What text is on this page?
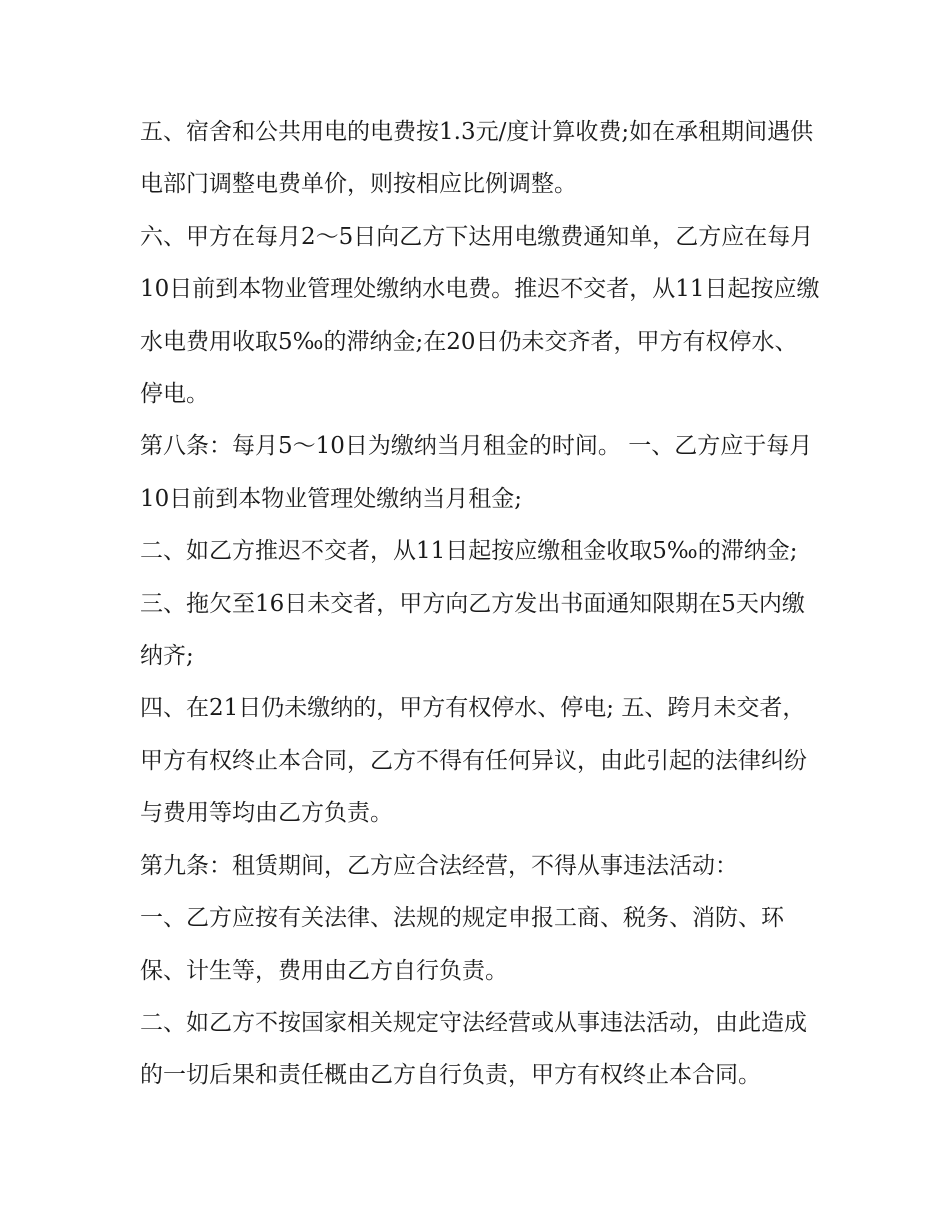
五、宿舍和公共用电的电费按1.3元/度计算收费;如在承租期间遇供电部门调整电费单价，则按相应比例调整。

六、甲方在每月2～5日向乙方下达用电缴费通知单，乙方应在每月10日前到本物业管理处缴纳水电费。推迟不交者，从11日起按应缴水电费用收取5‰的滞纳金;在20日仍未交齐者，甲方有权停水、停电。

第八条：每月5～10日为缴纳当月租金的时间。 一、乙方应于每月10日前到本物业管理处缴纳当月租金;

二、如乙方推迟不交者，从11日起按应缴租金收取5‰的滞纳金; 三、拖欠至16日未交者，甲方向乙方发出书面通知限期在5天内缴纳齐;

四、在21日仍未缴纳的，甲方有权停水、停电; 五、跨月未交者，甲方有权终止本合同，乙方不得有任何异议，由此引起的法律纠纷与费用等均由乙方负责。

第九条：租赁期间，乙方应合法经营，不得从事违法活动：

一、乙方应按有关法律、法规的规定申报工商、税务、消防、环保、计生等，费用由乙方自行负责。

二、如乙方不按国家相关规定守法经营或从事违法活动，由此造成的一切后果和责任概由乙方自行负责，甲方有权终止本合同。
